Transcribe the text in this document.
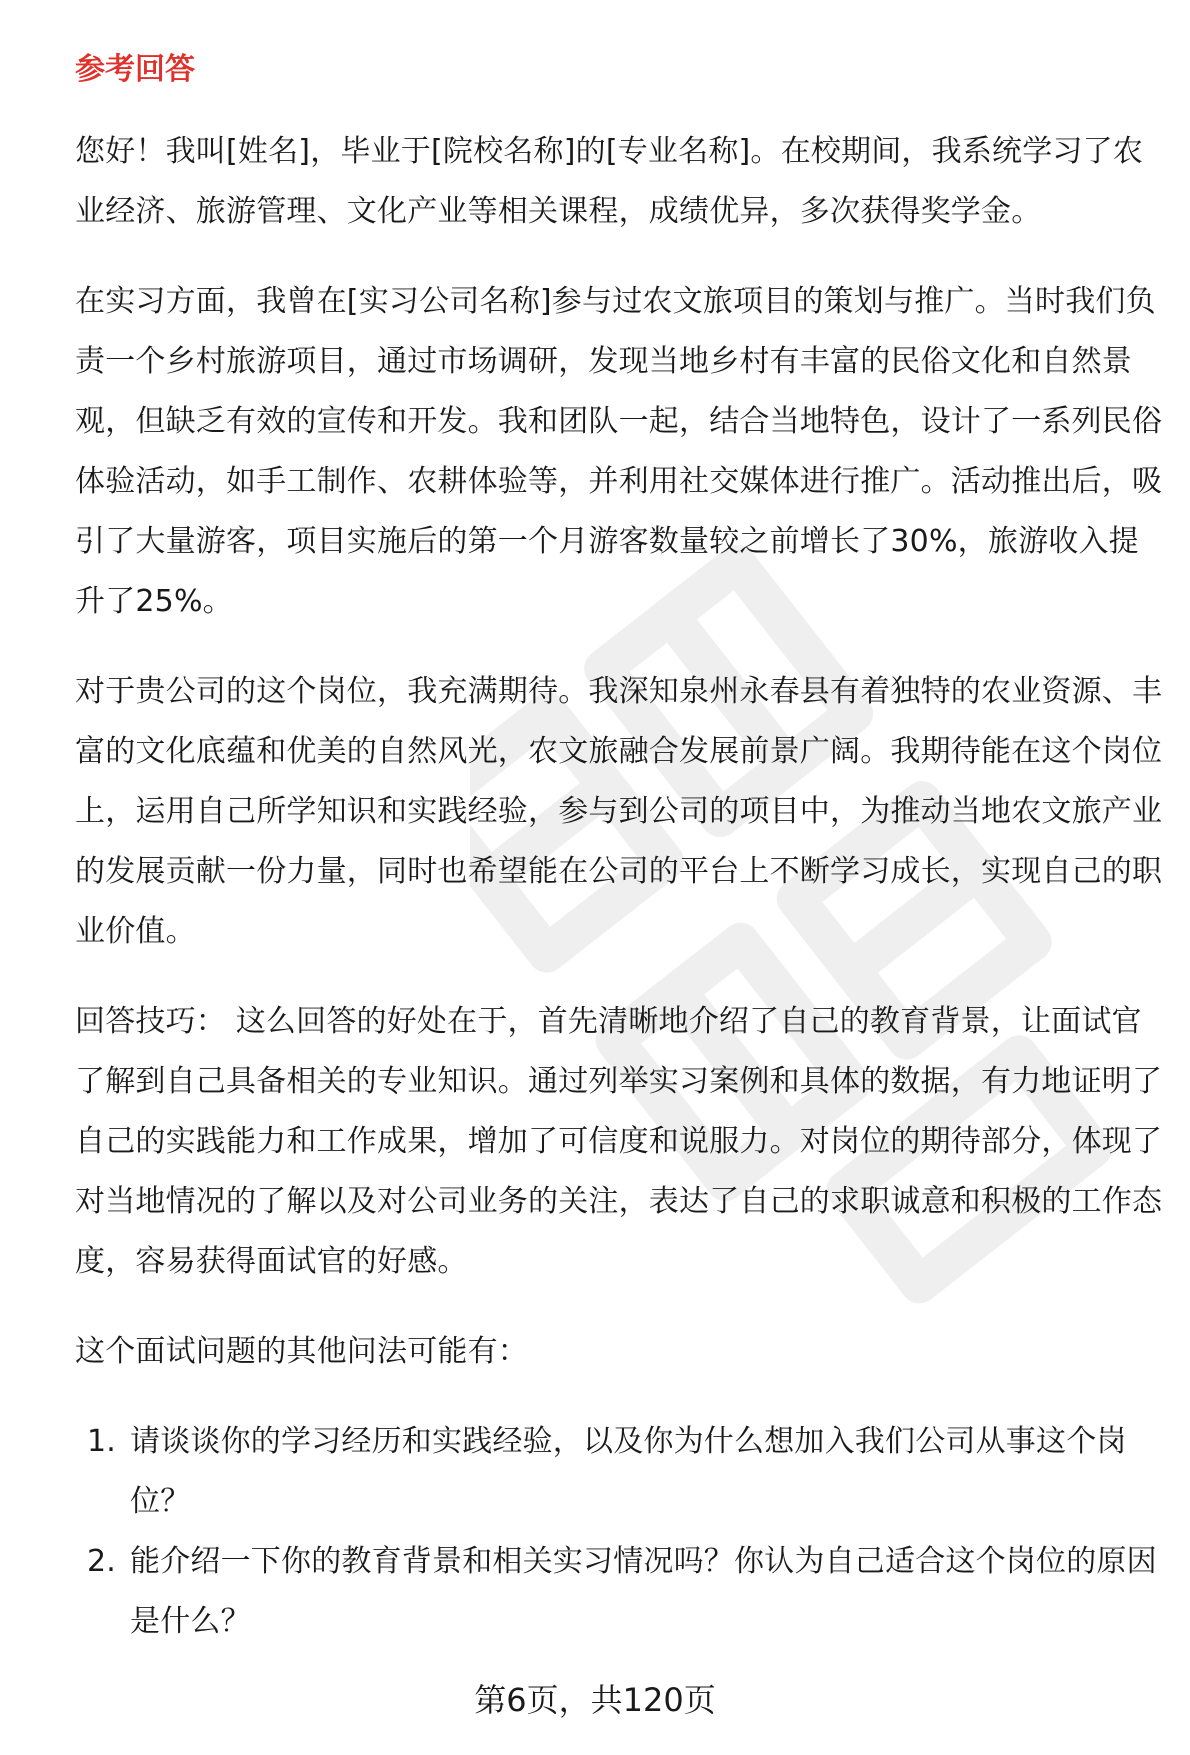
参考回答

您好！我叫[姓名]，毕业于[院校名称]的[专业名称]。在校期间，我系统学习了农业经济、旅游管理、文化产业等相关课程，成绩优异，多次获得奖学金。

在实习方面，我曾在[实习公司名称]参与过农文旅项目的策划与推广。当时我们负责一个乡村旅游项目，通过市场调研，发现当地乡村有丰富的民俗文化和自然景观，但缺乏有效的宣传和开发。我和团队一起，结合当地特色，设计了一系列民俗体验活动，如手工制作、农耕体验等，并利用社交媒体进行推广。活动推出后，吸引了大量游客，项目实施后的第一个月游客数量较之前增长了30%，旅游收入提升了25%。

对于贵公司的这个岗位，我充满期待。我深知泉州永春县有着独特的农业资源、丰富的文化底蕴和优美的自然风光，农文旅融合发展前景广阔。我期待能在这个岗位上，运用自己所学知识和实践经验，参与到公司的项目中，为推动当地农文旅产业的发展贡献一份力量，同时也希望能在公司的平台上不断学习成长，实现自己的职业价值。

回答技巧： 这么回答的好处在于，首先清晰地介绍了自己的教育背景，让面试官了解到自己具备相关的专业知识。通过列举实习案例和具体的数据，有力地证明了自己的实践能力和工作成果，增加了可信度和说服力。对岗位的期待部分，体现了对当地情况的了解以及对公司业务的关注，表达了自己的求职诚意和积极的工作态度，容易获得面试官的好感。

这个面试问题的其他问法可能有：

1. 请谈谈你的学习经历和实践经验，以及你为什么想加入我们公司从事这个岗位？
2. 能介绍一下你的教育背景和相关实习情况吗？你认为自己适合这个岗位的原因是什么？
第6页，共120页
